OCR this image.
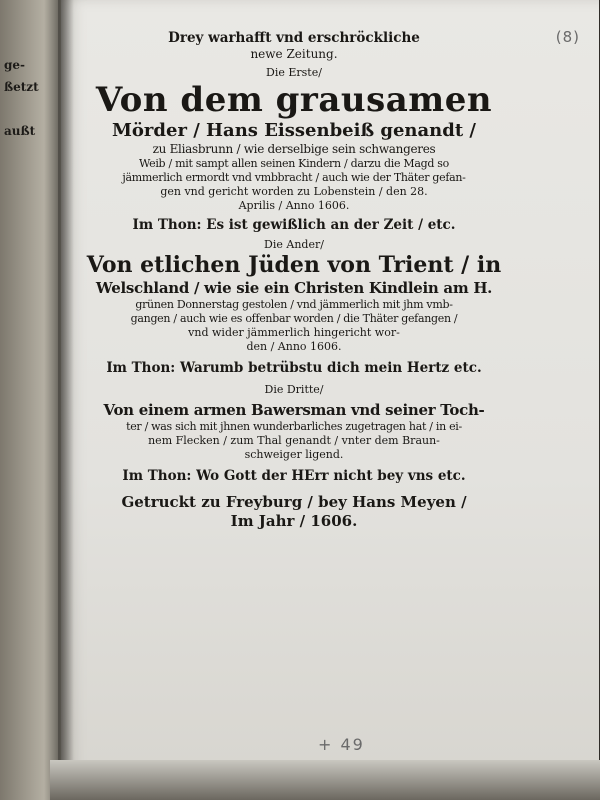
ge-
ßetzt
außt
(8)
Drey warhafft vnd erschröckliche
newe Zeitung.
Die Erste/
Von dem grausamen
Mörder / Hans Eissenbeiß genandt /
zu Eliasbrunn / wie derselbige sein schwangeres
Weib / mit sampt allen seinen Kindern / darzu die Magd so
jämmerlich ermordt vnd vmbbracht / auch wie der Thäter gefan-
gen vnd gericht worden zu Lobenstein / den 28.
Aprilis / Anno 1606.
Im Thon: Es ist gewißlich an der Zeit / etc.
Die Ander/
Von etlichen Jüden von Trient / in
Welschland / wie sie ein Christen Kindlein am H.
grünen Donnerstag gestolen / vnd jämmerlich mit jhm vmb-
gangen / auch wie es offenbar worden / die Thäter gefangen /
vnd wider jämmerlich hingericht wor-
den / Anno 1606.
Im Thon: Warumb betrübstu dich mein Hertz etc.
Die Dritte/
Von einem armen Bawersman vnd seiner Toch-
ter / was sich mit jhnen wunderbarliches zugetragen hat / in ei-
nem Flecken / zum Thal genandt / vnter dem Braun-
schweiger ligend.
Im Thon: Wo Gott der HErr nicht bey vns etc.
Getruckt zu Freyburg / bey Hans Meyen /
Im Jahr / 1606.
+ 49
